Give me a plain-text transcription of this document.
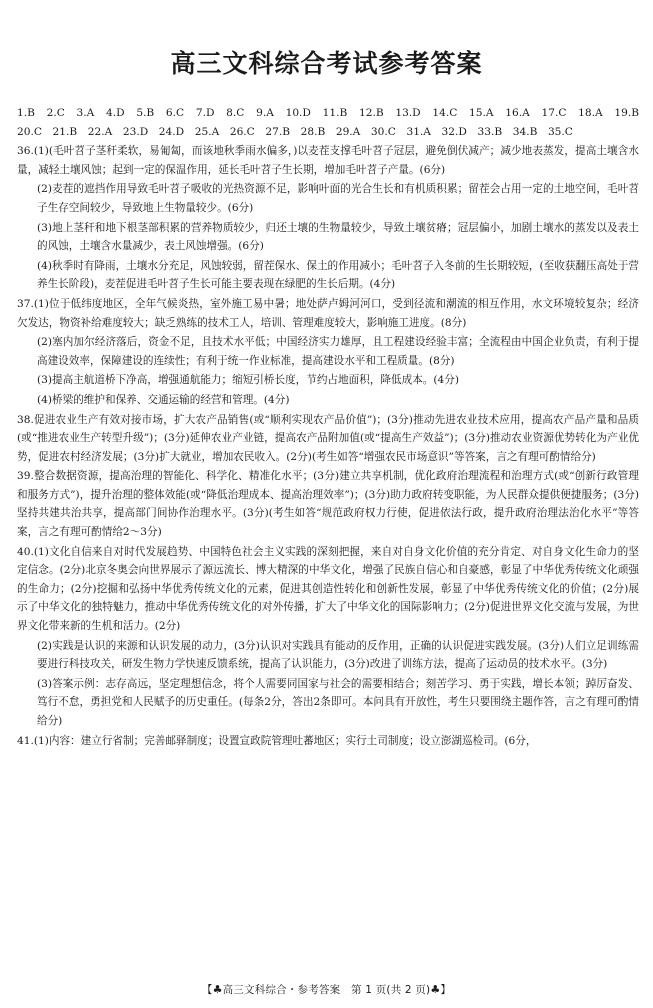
高三文科综合考试参考答案
1.B　2.C　3.A　4.D　5.B　6.C　7.D　8.C　9.A　10.D　11.B　12.B　13.D　14.C　15.A　16.A　17.C　18.A　19.B　20.C　21.B　22.A　23.D　24.D　25.A　26.C　27.B　28.B　29.A　30.C　31.A　32.D　33.B　34.B　35.C
36.(1)(毛叶苕子茎秆柔软，易匍匐，而该地秋季雨水偏多，)以麦茬支撑毛叶苕子冠层，避免倒伏减产；减少地表蒸发，提高土壤含水量，减轻土壤风蚀；起到一定的保温作用，延长毛叶苕子生长期，增加毛叶苕子产量。(6分)
(2)麦茬的遮挡作用导致毛叶苕子吸收的光热资源不足，影响叶面的光合生长和有机质积累；留茬会占用一定的土地空间，毛叶苕子生存空间较少，导致地上生物量较少。(6分)
(3)地上茎秆和地下根茎部积累的营养物质较少，归还土壤的生物量较少，导致土壤贫瘠；冠层偏小，加剧土壤水的蒸发以及表土的风蚀，土壤含水量减少，表土风蚀增强。(6分)
(4)秋季时有降雨，土壤水分充足，风蚀较弱，留茬保水、保土的作用减小；毛叶苕子入冬前的生长期较短，(至收获翻压高处于营养生长阶段)，麦茬促进毛叶苕子生长可能主要表现在绿肥的生长后期。(4分)
37.(1)位于低纬度地区，全年气候炎热，室外施工易中暑；地处萨卢姆河河口，受到径流和潮流的相互作用，水文环境较复杂；经济欠发达，物资补给难度较大；缺乏熟练的技术工人，培训、管理难度较大，影响施工进度。(8分)
(2)塞内加尔经济落后，资金不足，且技术水平低；中国经济实力雄厚，且工程建设经验丰富；全流程由中国企业负责，有利于提高建设效率，保障建设的连续性；有利于统一作业标准，提高建设水平和工程质量。(8分)
(3)提高主航道桥下净高，增强通航能力；缩短引桥长度，节约占地面积，降低成本。(4分)
(4)桥梁的维护和保养、交通运输的经营和管理。(4分)
38.促进农业生产有效对接市场，扩大农产品销售(或“顺利实现农产品价值”)；(3分)推动先进农业技术应用，提高农产品产量和品质(或“推进农业生产转型升级”)；(3分)延伸农业产业链，提高农产品附加值(或“提高生产效益”)；(3分)推动农业资源优势转化为产业优势，促进农村经济发展；(3分)扩大就业，增加农民收入。(2分)(考生如答“增强农民市场意识”等答案，言之有理可酌情给分)
39.整合数据资源，提高治理的智能化、科学化、精准化水平；(3分)建立共享机制，优化政府治理流程和治理方式(或“创新行政管理和服务方式”)，提升治理的整体效能(或“降低治理成本、提高治理效率”)；(3分)助力政府转变职能，为人民群众提供便捷服务；(3分)坚持共建共治共享，提高部门间协作治理水平。(3分)(考生如答“规范政府权力行使，促进依法行政，提升政府治理法治化水平”等答案，言之有理可酌情给2～3分)
40.(1)文化自信来自对时代发展趋势、中国特色社会主义实践的深刻把握，来自对自身文化价值的充分肯定、对自身文化生命力的坚定信念。(2分)北京冬奥会向世界展示了源远流长、博大精深的中华文化，增强了民族自信心和自豪感，彰显了中华优秀传统文化顽强的生命力；(2分)挖掘和弘扬中华优秀传统文化的元素，促进其创造性转化和创新性发展，彰显了中华优秀传统文化的价值；(2分)展示了中华文化的独特魅力，推动中华优秀传统文化的对外传播，扩大了中华文化的国际影响力；(2分)促进世界文化交流与发展，为世界文化带来新的生机和活力。(2分)
(2)实践是认识的来源和认识发展的动力，(3分)认识对实践具有能动的反作用，正确的认识促进实践发展。(3分)人们立足训练需要进行科技攻关，研发生物力学快速反馈系统，提高了认识能力，(3分)改进了训练方法，提高了运动员的技术水平。(3分)
(3)答案示例：志存高远，坚定理想信念，将个人需要同国家与社会的需要相结合；刻苦学习、勇于实践，增长本领；踔厉奋发、笃行不怠，勇担党和人民赋予的历史重任。(每条2分，答出2条即可。本问具有开放性，考生只要围绕主题作答，言之有理可酌情给分)
41.(1)内容：建立行省制；完善邮驿制度；设置宣政院管理吐蕃地区；实行土司制度；设立澎湖巡检司。(6分，
【♣高三文科综合・参考答案　第 1 页(共 2 页)♣】
